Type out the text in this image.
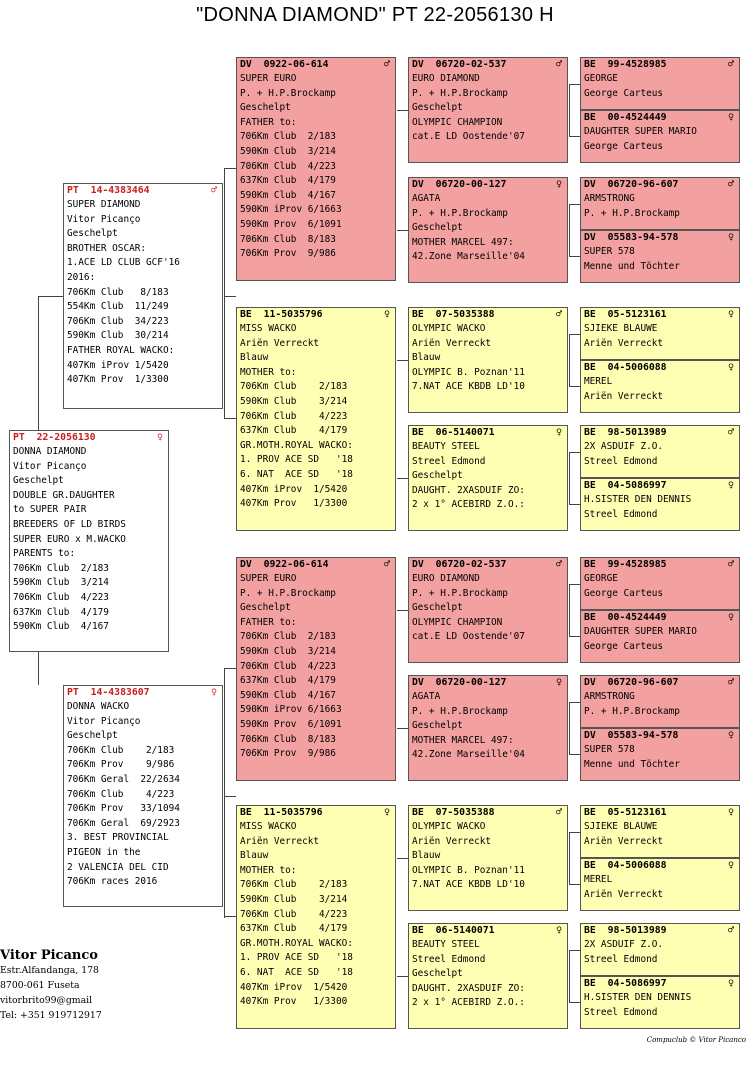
"DONNA DIAMOND" PT 22-2056130 H
PT  22-2056130	♀
DONNA DIAMOND
Vitor Picanço
Geschelpt
DOUBLE GR.DAUGHTER
to SUPER PAIR
BREEDERS OF LD BIRDS
SUPER EURO x M.WACKO
PARENTS to:
706Km Club  2/183
590Km Club  3/214
706Km Club  4/223
637Km Club  4/179
590Km Club  4/167
PT  14-4383464	♂
SUPER DIAMOND
Vitor Picanço
Geschelpt
BROTHER OSCAR:
1.ACE LD CLUB GCF'16
2016:
706Km Club   8/183
554Km Club  11/249
706Km Club  34/223
590Km Club  30/214
FATHER ROYAL WACKO:
407Km iProv 1/5420
407Km Prov  1/3300
PT  14-4383607	♀
DONNA WACKO
Vitor Picanço
Geschelpt
706Km Club    2/183
706Km Prov    9/986
706Km Geral  22/2634
706Km Club    4/223
706Km Prov   33/1094
706Km Geral  69/2923
3. BEST PROVINCIAL
PIGEON in the
2 VALENCIA DEL CID
706Km races 2016
DV  0922-06-614	♂
SUPER EURO
P. + H.P.Brockamp
Geschelpt
FATHER to:
706Km Club  2/183
590Km Club  3/214
706Km Club  4/223
637Km Club  4/179
590Km Club  4/167
590Km iProv 6/1663
590Km Prov  6/1091
706Km Club  8/183
706Km Prov  9/986
BE  11-5035796	♀
MISS WACKO
Ariën Verreckt
Blauw
MOTHER to:
706Km Club    2/183
590Km Club    3/214
706Km Club    4/223
637Km Club    4/179
GR.MOTH.ROYAL WACKO:
1. PROV ACE SD   '18
6. NAT  ACE SD   '18
407Km iProv  1/5420
407Km Prov   1/3300
DV  0922-06-614	♂
SUPER EURO
P. + H.P.Brockamp
Geschelpt
FATHER to:
706Km Club  2/183
590Km Club  3/214
706Km Club  4/223
637Km Club  4/179
590Km Club  4/167
590Km iProv 6/1663
590Km Prov  6/1091
706Km Club  8/183
706Km Prov  9/986
BE  11-5035796	♀
MISS WACKO
Ariën Verreckt
Blauw
MOTHER to:
706Km Club    2/183
590Km Club    3/214
706Km Club    4/223
637Km Club    4/179
GR.MOTH.ROYAL WACKO:
1. PROV ACE SD   '18
6. NAT  ACE SD   '18
407Km iProv  1/5420
407Km Prov   1/3300
DV  06720-02-537	♂
EURO DIAMOND
P. + H.P.Brockamp
Geschelpt
OLYMPIC CHAMPION
cat.E LD Oostende'07
DV  06720-00-127	♀
AGATA
P. + H.P.Brockamp
Geschelpt
MOTHER MARCEL 497:
42.Zone Marseille'04
BE  07-5035388	♂
OLYMPIC WACKO
Ariën Verreckt
Blauw
OLYMPIC B. Poznan'11
7.NAT ACE KBDB LD'10
BE  06-5140071	♀
BEAUTY STEEL
Streel Edmond
Geschelpt
DAUGHT. 2XASDUIF ZO:
2 x 1° ACEBIRD Z.O.:
DV  06720-02-537	♂
EURO DIAMOND
P. + H.P.Brockamp
Geschelpt
OLYMPIC CHAMPION
cat.E LD Oostende'07
DV  06720-00-127	♀
AGATA
P. + H.P.Brockamp
Geschelpt
MOTHER MARCEL 497:
42.Zone Marseille'04
BE  07-5035388	♂
OLYMPIC WACKO
Ariën Verreckt
Blauw
OLYMPIC B. Poznan'11
7.NAT ACE KBDB LD'10
BE  06-5140071	♀
BEAUTY STEEL
Streel Edmond
Geschelpt
DAUGHT. 2XASDUIF ZO:
2 x 1° ACEBIRD Z.O.:
BE  99-4528985	♂
GEORGE
George Carteus
BE  00-4524449	♀
DAUGHTER SUPER MARIO
George Carteus
DV  06720-96-607	♂
ARMSTRONG
P. + H.P.Brockamp
DV  05583-94-578	♀
SUPER 578
Menne und Töchter
BE  05-5123161	♀
SJIEKE BLAUWE
Ariën Verreckt
BE  04-5006088	♀
MEREL
Ariën Verreckt
BE  98-5013989	♂
2X ASDUIF Z.O.
Streel Edmond
BE  04-5086997	♀
H.SISTER DEN DENNIS
Streel Edmond
BE  99-4528985	♂
GEORGE
George Carteus
BE  00-4524449	♀
DAUGHTER SUPER MARIO
George Carteus
DV  06720-96-607	♂
ARMSTRONG
P. + H.P.Brockamp
DV  05583-94-578	♀
SUPER 578
Menne und Töchter
BE  05-5123161	♀
SJIEKE BLAUWE
Ariën Verreckt
BE  04-5006088	♀
MEREL
Ariën Verreckt
BE  98-5013989	♂
2X ASDUIF Z.O.
Streel Edmond
BE  04-5086997	♀
H.SISTER DEN DENNIS
Streel Edmond
Vitor Picanco
Estr.Alfandanga, 178
8700-061 Fuseta
vitorbrito99@gmail
Tel: +351 919712917
Compuclub © Vitor Picanco
